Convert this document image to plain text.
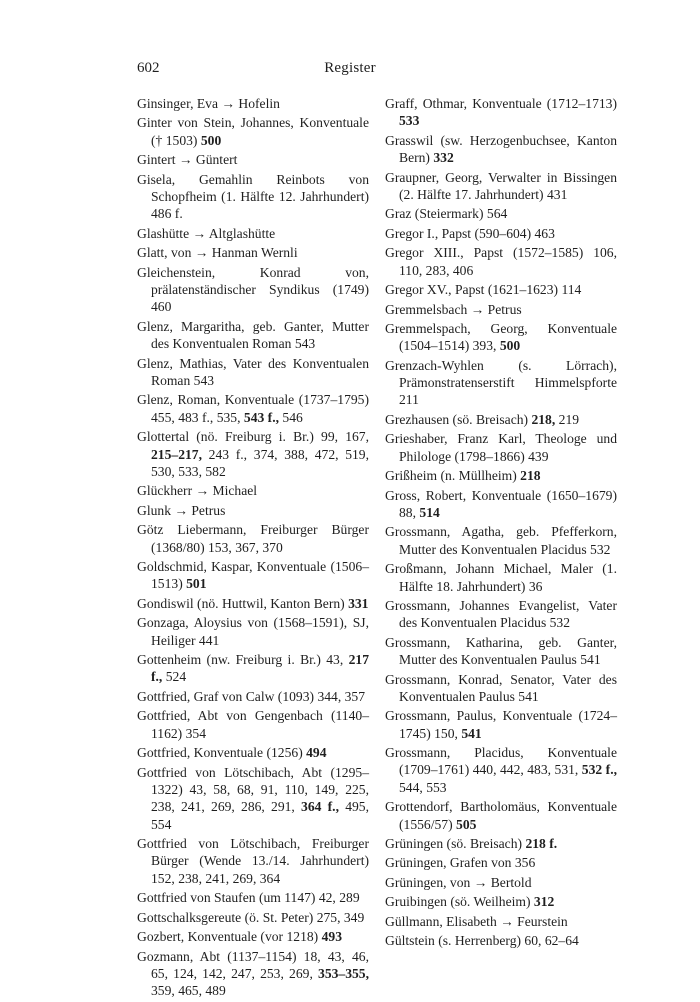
602	Register
Ginsinger, Eva → Hofelin
Ginter von Stein, Johannes, Konventuale († 1503) 500
Gintert → Güntert
Gisela, Gemahlin Reinbots von Schopfheim (1. Hälfte 12. Jahrhundert) 486 f.
Glashütte → Altglashütte
Glatt, von → Hanman Wernli
Gleichenstein, Konrad von, prälatenständischer Syndikus (1749) 460
Glenz, Margaritha, geb. Ganter, Mutter des Konventualen Roman 543
Glenz, Mathias, Vater des Konventualen Roman 543
Glenz, Roman, Konventuale (1737–1795) 455, 483 f., 535, 543 f., 546
Glottertal (nö. Freiburg i. Br.) 99, 167, 215–217, 243 f., 374, 388, 472, 519, 530, 533, 582
Glückherr → Michael
Glunk → Petrus
Götz Liebermann, Freiburger Bürger (1368/80) 153, 367, 370
Goldschmid, Kaspar, Konventuale (1506–1513) 501
Gondiswil (nö. Huttwil, Kanton Bern) 331
Gonzaga, Aloysius von (1568–1591), SJ, Heiliger 441
Gottenheim (nw. Freiburg i. Br.) 43, 217 f., 524
Gottfried, Graf von Calw (1093) 344, 357
Gottfried, Abt von Gengenbach (1140–1162) 354
Gottfried, Konventuale (1256) 494
Gottfried von Lötschibach, Abt (1295–1322) 43, 58, 68, 91, 110, 149, 225, 238, 241, 269, 286, 291, 364 f., 495, 554
Gottfried von Lötschibach, Freiburger Bürger (Wende 13./14. Jahrhundert) 152, 238, 241, 269, 364
Gottfried von Staufen (um 1147) 42, 289
Gottschalksgereute (ö. St. Peter) 275, 349
Gozbert, Konventuale (vor 1218) 493
Gozmann, Abt (1137–1154) 18, 43, 46, 65, 124, 142, 247, 253, 269, 353–355, 359, 465, 489
Graff, Othmar, Konventuale (1712–1713) 533
Grasswil (sw. Herzogenbuchsee, Kanton Bern) 332
Graupner, Georg, Verwalter in Bissingen (2. Hälfte 17. Jahrhundert) 431
Graz (Steiermark) 564
Gregor I., Papst (590–604) 463
Gregor XIII., Papst (1572–1585) 106, 110, 283, 406
Gregor XV., Papst (1621–1623) 114
Gremmelsbach → Petrus
Gremmelspach, Georg, Konventuale (1504–1514) 393, 500
Grenzach-Wyhlen (s. Lörrach), Prämonstratenserstift Himmelspforte 211
Grezhausen (sö. Breisach) 218, 219
Grieshaber, Franz Karl, Theologe und Philologe (1798–1866) 439
Grißheim (n. Müllheim) 218
Gross, Robert, Konventuale (1650–1679) 88, 514
Grossmann, Agatha, geb. Pfefferkorn, Mutter des Konventualen Placidus 532
Großmann, Johann Michael, Maler (1. Hälfte 18. Jahrhundert) 36
Grossmann, Johannes Evangelist, Vater des Konventualen Placidus 532
Grossmann, Katharina, geb. Ganter, Mutter des Konventualen Paulus 541
Grossmann, Konrad, Senator, Vater des Konventualen Paulus 541
Grossmann, Paulus, Konventuale (1724–1745) 150, 541
Grossmann, Placidus, Konventuale (1709–1761) 440, 442, 483, 531, 532 f., 544, 553
Grottendorf, Bartholomäus, Konventuale (1556/57) 505
Grüningen (sö. Breisach) 218 f.
Grüningen, Grafen von 356
Grüningen, von → Bertold
Gruibingen (sö. Weilheim) 312
Güllmann, Elisabeth → Feurstein
Gültstein (s. Herrenberg) 60, 62–64
